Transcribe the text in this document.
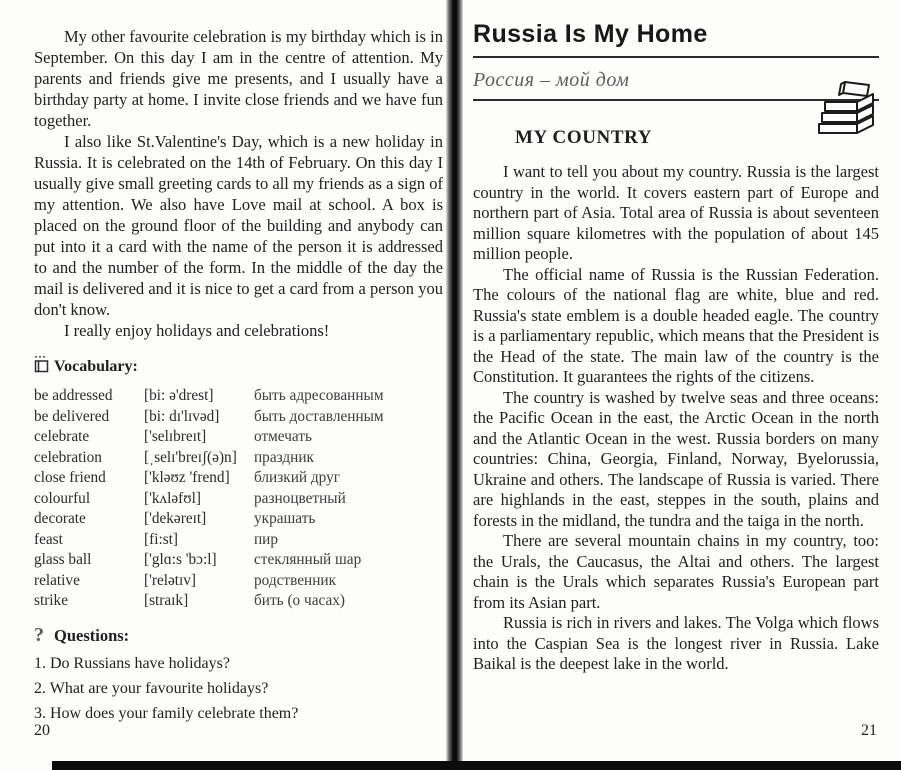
My other favourite celebration is my birthday which is in September. On this day I am in the centre of attention. My parents and friends give me presents, and I usually have a birthday party at home. I invite close friends and we have fun together.

I also like St.Valentine's Day, which is a new holiday in Russia. It is celebrated on the 14th of February. On this day I usually give small greeting cards to all my friends as a sign of my attention. We also have Love mail at school. A box is placed on the ground floor of the building and anybody can put into it a card with the name of the person it is addressed to and the number of the form. In the middle of the day the mail is delivered and it is nice to get a card from a person you don't know.

I really enjoy holidays and celebrations!

Vocabulary:
be addressed	[bi: ə'drest]	быть адресованным
be delivered	[bi: dɪ'lɪvəd]	быть доставленным
celebrate	['selɪbreɪt]	отмечать
celebration	[ˌselɪ'breɪʃ(ə)n]	праздник
close friend	['kləʊz 'frend]	близкий друг
colourful	['kʌləfʊl]	разноцветный
decorate	['dekəreɪt]	украшать
feast	[fi:st]	пир
glass ball	['glɑ:s 'bɔ:l]	стеклянный шар
relative	['relətɪv]	родственник
strike	[straɪk]	бить (о часах)
? Questions:
1. Do Russians have holidays?
2. What are your favourite holidays?
3. How does your family celebrate them?
20
Russia Is My Home
Россия – мой дом
MY COUNTRY

I want to tell you about my country. Russia is the largest country in the world. It covers eastern part of Europe and northern part of Asia. Total area of Russia is about seventeen million square kilometres with the population of about 145 million people.

The official name of Russia is the Russian Federation. The colours of the national flag are white, blue and red. Russia's state emblem is a double headed eagle. The country is a parliamentary republic, which means that the President is the Head of the state. The main law of the country is the Constitution. It guarantees the rights of the citizens.

The country is washed by twelve seas and three oceans: the Pacific Ocean in the east, the Arctic Ocean in the north and the Atlantic Ocean in the west. Russia borders on many countries: China, Georgia, Finland, Norway, Byelorussia, Ukraine and others. The landscape of Russia is varied. There are highlands in the east, steppes in the south, plains and forests in the midland, the tundra and the taiga in the north.

There are several mountain chains in my country, too: the Urals, the Caucasus, the Altai and others. The largest chain is the Urals which separates Russia's European part from its Asian part.

Russia is rich in rivers and lakes. The Volga which flows into the Caspian Sea is the longest river in Russia. Lake Baikal is the deepest lake in the world.

21
